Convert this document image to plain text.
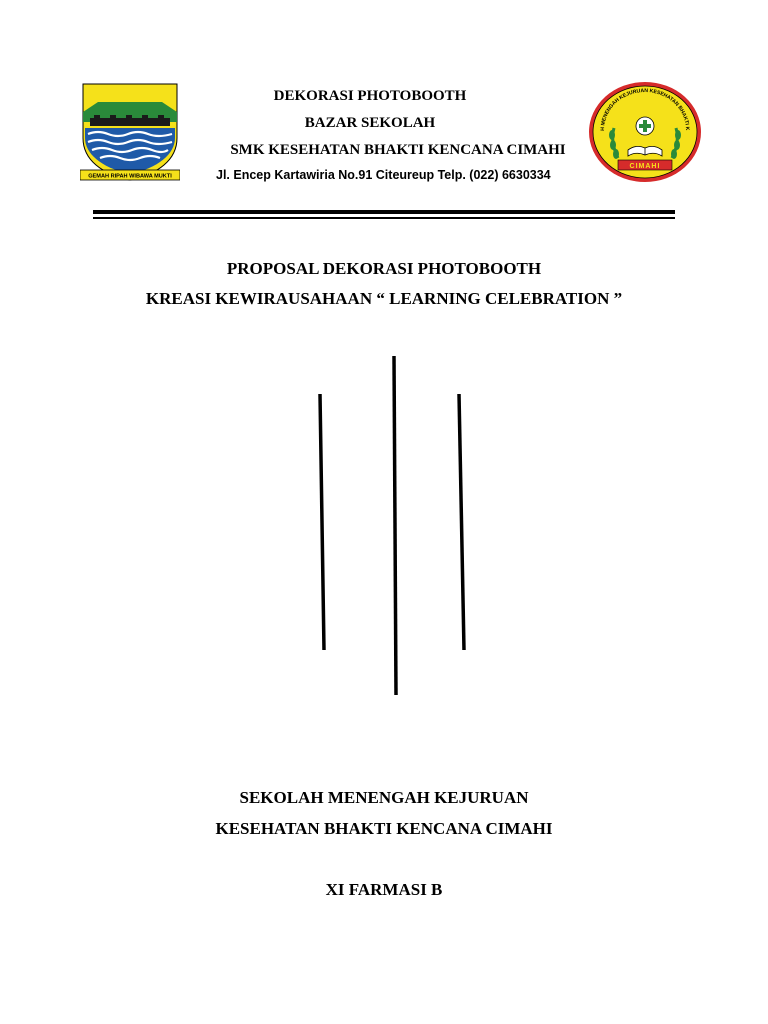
GEMAH RIPAH WIBAWA MUKTI
DEKORASI PHOTOBOOTH
BAZAR SEKOLAH
SMK KESEHATAN BHAKTI KENCANA CIMAHI
Jl. Encep Kartawiria No.91 Citeureup Telp. (022) 6630334
H MENENGAH KEJURUAN KESEHATAN BHAKTI K
CIMAHI
PROPOSAL DEKORASI PHOTOBOOTH
KREASI KEWIRAUSAHAAN “ LEARNING CELEBRATION ”
SEKOLAH MENENGAH KEJURUAN
KESEHATAN BHAKTI KENCANA CIMAHI
XI FARMASI B
